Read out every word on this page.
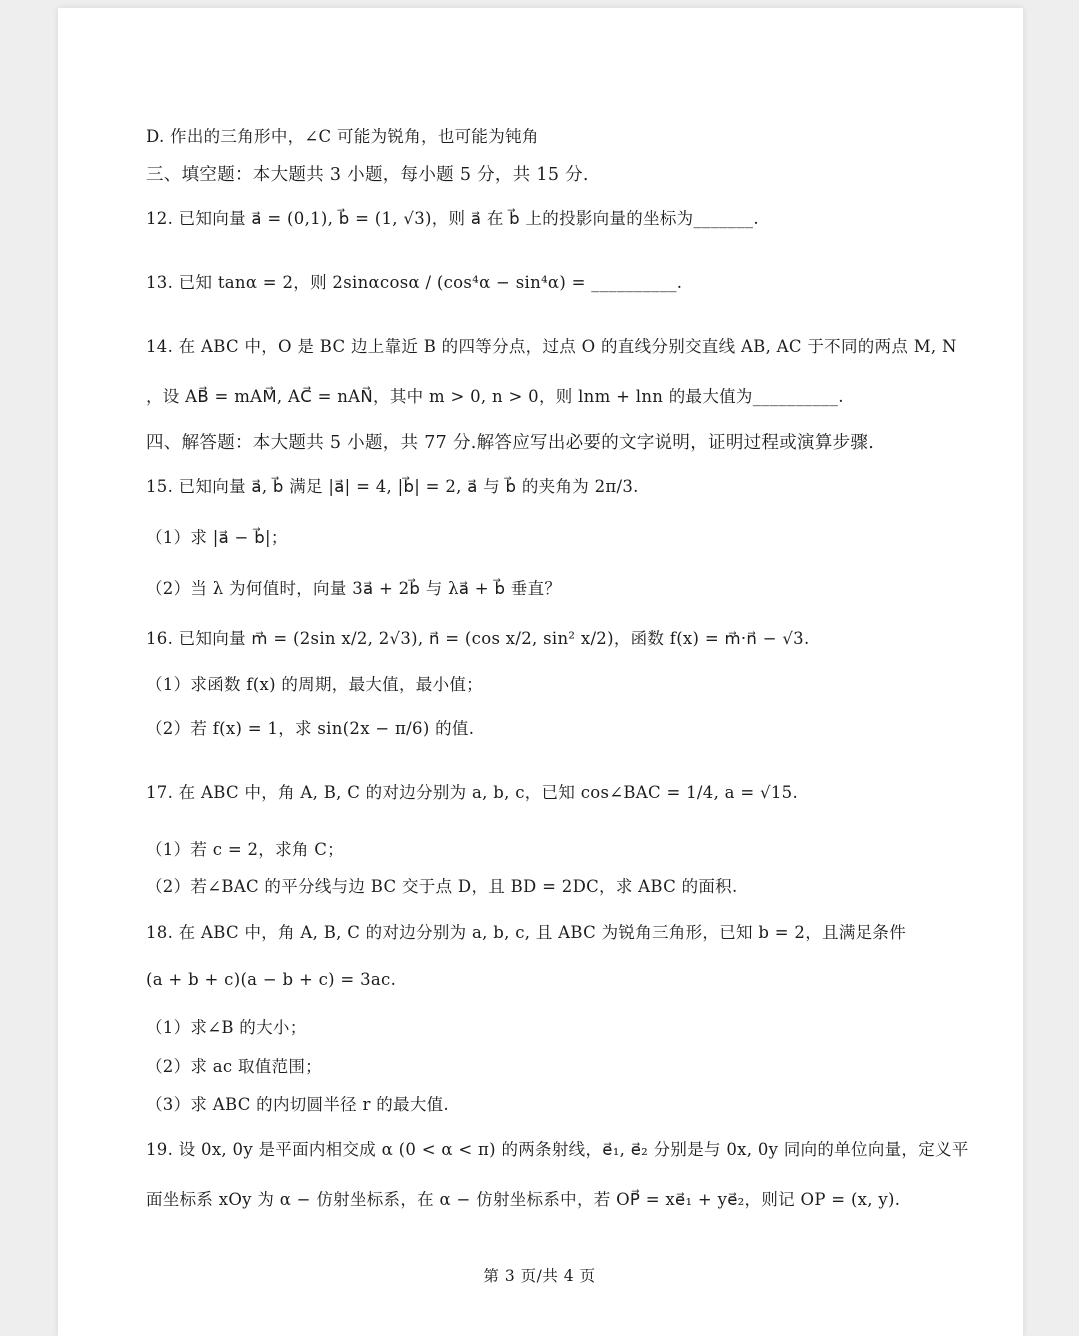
D. 作出的三角形中，∠C 可能为锐角，也可能为钝角
三、填空题：本大题共 3 小题，每小题 5 分，共 15 分.
12. 已知向量 a⃗ = (0,1), b⃗ = (1, √3)，则 a⃗ 在 b⃗ 上的投影向量的坐标为_______.
13. 已知 tanα = 2，则 2sinαcosα / (cos⁴α − sin⁴α) = __________.
14. 在 ABC 中，O 是 BC 边上靠近 B 的四等分点，过点 O 的直线分别交直线 AB, AC 于不同的两点 M, N
，设 AB⃗ = mAM⃗, AC⃗ = nAN⃗，其中 m > 0, n > 0，则 lnm + lnn 的最大值为__________.
四、解答题：本大题共 5 小题，共 77 分.解答应写出必要的文字说明，证明过程或演算步骤.
15. 已知向量 a⃗, b⃗ 满足 |a⃗| = 4, |b⃗| = 2, a⃗ 与 b⃗ 的夹角为 2π/3.
（1）求 |a⃗ − b⃗|；
（2）当 λ 为何值时，向量 3a⃗ + 2b⃗ 与 λa⃗ + b⃗ 垂直？
16. 已知向量 m⃗ = (2sin x/2, 2√3), n⃗ = (cos x/2, sin² x/2)，函数 f(x) = m⃗·n⃗ − √3.
（1）求函数 f(x) 的周期，最大值，最小值；
（2）若 f(x) = 1，求 sin(2x − π/6) 的值.
17. 在 ABC 中，角 A, B, C 的对边分别为 a, b, c，已知 cos∠BAC = 1/4, a = √15.
（1）若 c = 2，求角 C；
（2）若∠BAC 的平分线与边 BC 交于点 D，且 BD = 2DC，求 ABC 的面积.
18. 在 ABC 中，角 A, B, C 的对边分别为 a, b, c, 且 ABC 为锐角三角形，已知 b = 2，且满足条件
(a + b + c)(a − b + c) = 3ac.
（1）求∠B 的大小；
（2）求 ac 取值范围；
（3）求 ABC 的内切圆半径 r 的最大值.
19. 设 0x, 0y 是平面内相交成 α (0 < α < π) 的两条射线，e⃗₁, e⃗₂ 分别是与 0x, 0y 同向的单位向量，定义平
面坐标系 xOy 为 α − 仿射坐标系，在 α − 仿射坐标系中，若 OP⃗ = xe⃗₁ + ye⃗₂，则记 OP = (x, y).
第 3 页/共 4 页
